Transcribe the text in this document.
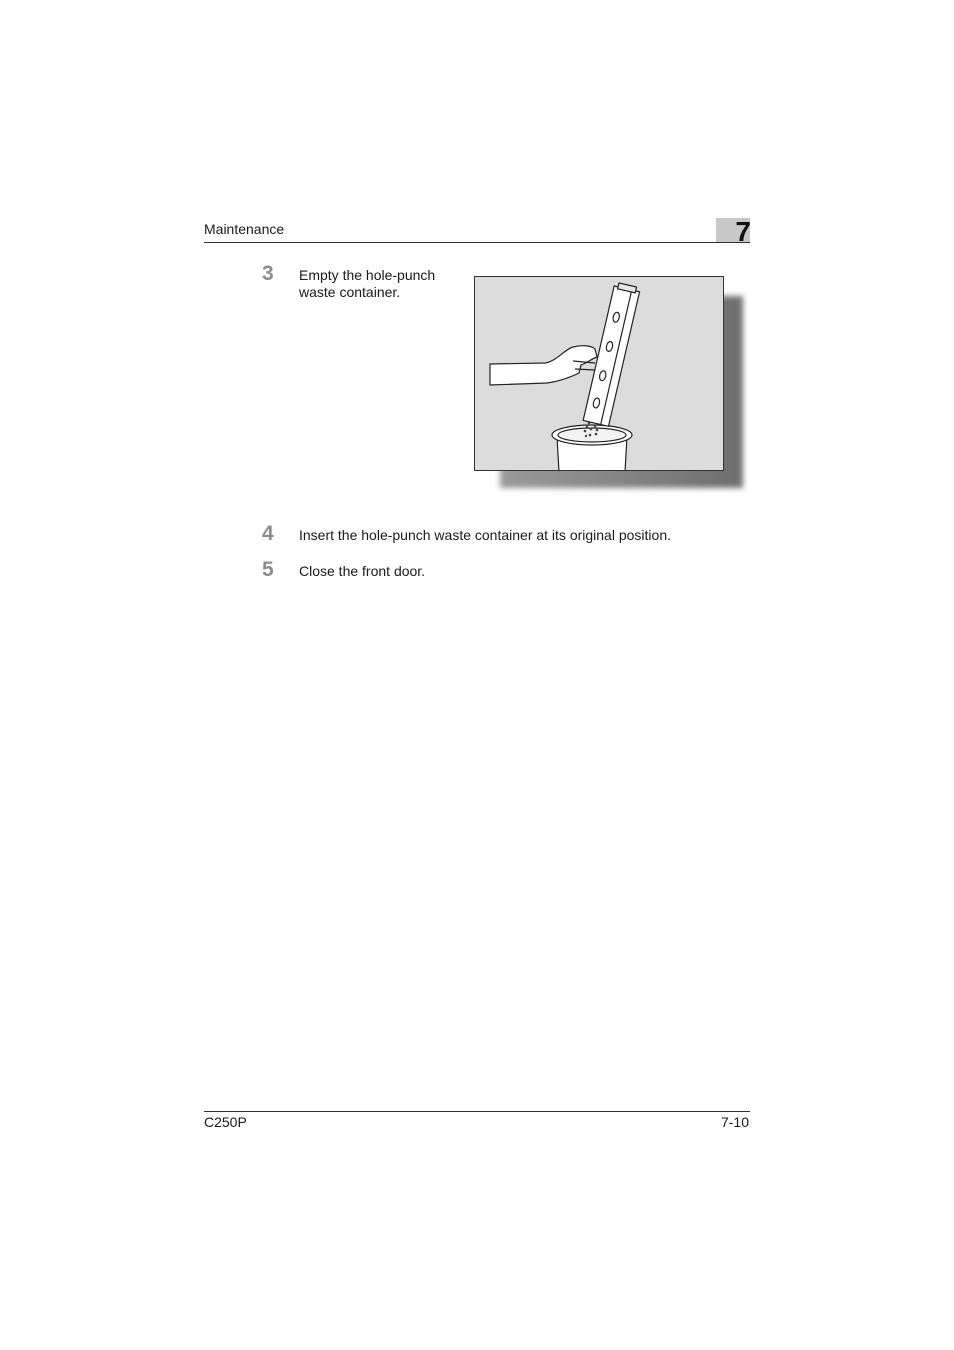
Maintenance	7
3 Empty the hole-punch waste container.
4 Insert the hole-punch waste container at its original position.
5 Close the front door.
C250P	7-10
